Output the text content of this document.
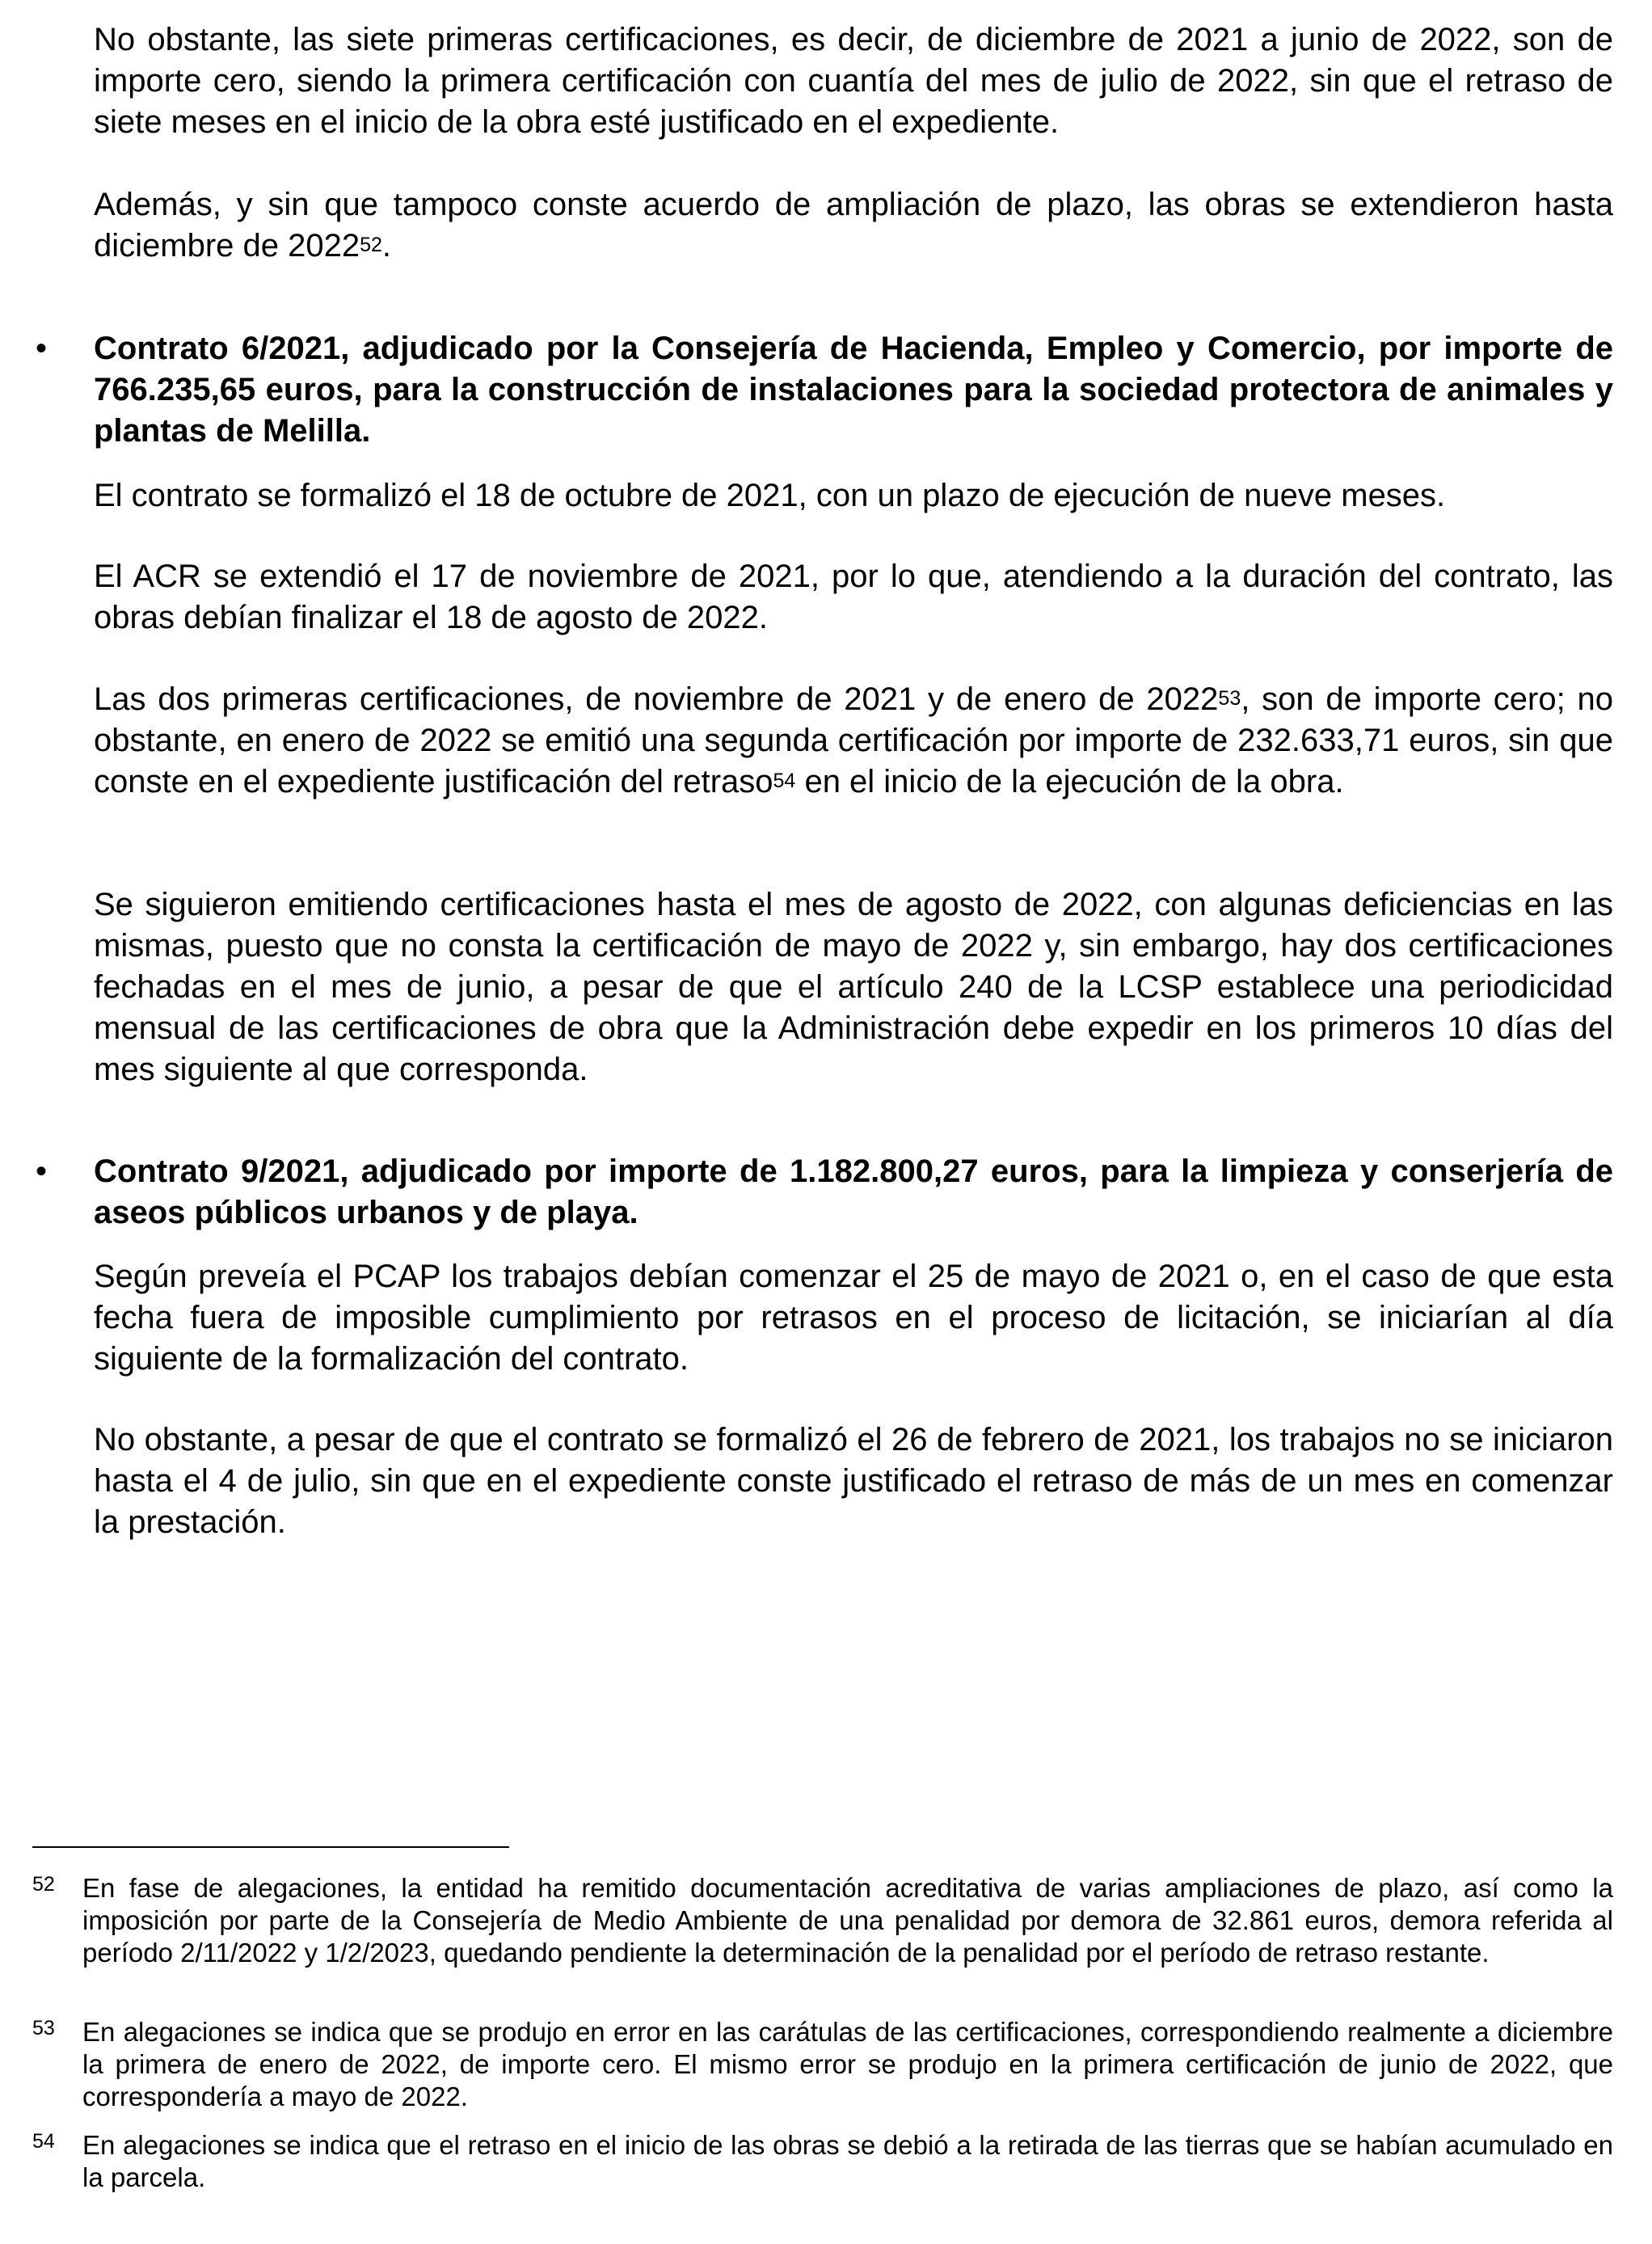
No obstante, las siete primeras certificaciones, es decir, de diciembre de 2021 a junio de 2022, son de importe cero, siendo la primera certificación con cuantía del mes de julio de 2022, sin que el retraso de siete meses en el inicio de la obra esté justificado en el expediente.

Además, y sin que tampoco conste acuerdo de ampliación de plazo, las obras se extendieron hasta diciembre de 2022$^{52}$.

• Contrato 6/2021, adjudicado por la Consejería de Hacienda, Empleo y Comercio, por importe de 766.235,65 euros, para la construcción de instalaciones para la sociedad protectora de animales y plantas de Melilla.

El contrato se formalizó el 18 de octubre de 2021, con un plazo de ejecución de nueve meses.

El ACR se extendió el 17 de noviembre de 2021, por lo que, atendiendo a la duración del contrato, las obras debían finalizar el 18 de agosto de 2022.

Las dos primeras certificaciones, de noviembre de 2021 y de enero de 2022$^{53}$, son de importe cero; no obstante, en enero de 2022 se emitió una segunda certificación por importe de 232.633,71 euros, sin que conste en el expediente justificación del retraso$^{54}$ en el inicio de la ejecución de la obra.

Se siguieron emitiendo certificaciones hasta el mes de agosto de 2022, con algunas deficiencias en las mismas, puesto que no consta la certificación de mayo de 2022 y, sin embargo, hay dos certificaciones fechadas en el mes de junio, a pesar de que el artículo 240 de la LCSP establece una periodicidad mensual de las certificaciones de obra que la Administración debe expedir en los primeros 10 días del mes siguiente al que corresponda.

• Contrato 9/2021, adjudicado por importe de 1.182.800,27 euros, para la limpieza y conserjería de aseos públicos urbanos y de playa.

Según preveía el PCAP los trabajos debían comenzar el 25 de mayo de 2021 o, en el caso de que esta fecha fuera de imposible cumplimiento por retrasos en el proceso de licitación, se iniciarían al día siguiente de la formalización del contrato.

No obstante, a pesar de que el contrato se formalizó el 26 de febrero de 2021, los trabajos no se iniciaron hasta el 4 de julio, sin que en el expediente conste justificado el retraso de más de un mes en comenzar la prestación.

52 En fase de alegaciones, la entidad ha remitido documentación acreditativa de varias ampliaciones de plazo, así como la imposición por parte de la Consejería de Medio Ambiente de una penalidad por demora de 32.861 euros, demora referida al período 2/11/2022 y 1/2/2023, quedando pendiente la determinación de la penalidad por el período de retraso restante.
53 En alegaciones se indica que se produjo en error en las carátulas de las certificaciones, correspondiendo realmente a diciembre la primera de enero de 2022, de importe cero. El mismo error se produjo en la primera certificación de junio de 2022, que correspondería a mayo de 2022.
54 En alegaciones se indica que el retraso en el inicio de las obras se debió a la retirada de las tierras que se habían acumulado en la parcela.
